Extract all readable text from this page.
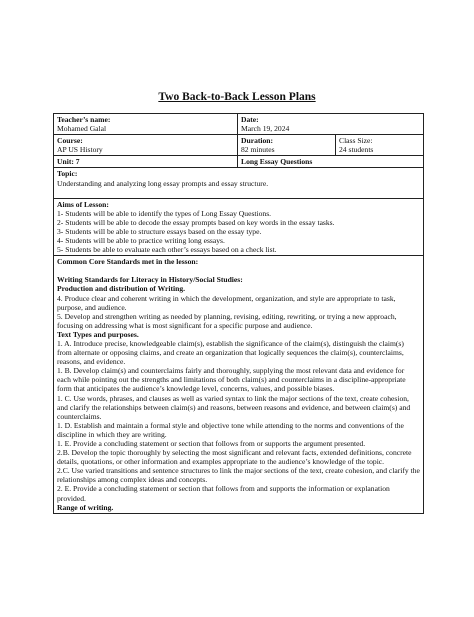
Two Back-to-Back Lesson Plans
Teacher’s name:
Mohamed Galal
Date:
March 19, 2024
Course:
AP US History
Duration:
82 minutes
Class Size:
24 students
Unit: 7	Long Essay Questions
Topic:
Understanding and analyzing long essay prompts and essay structure.
Aims of Lesson:
1- Students will be able to identify the types of Long Essay Questions.
2- Students will be able to decode the essay prompts based on key words in the essay tasks.
3- Students will be able to structure essays based on the essay type.
4- Students will be able to practice writing long essays.
5- Students be able to evaluate each other’s essays based on a check list.
Common Core Standards met in the lesson:
Writing Standards for Literacy in History/Social Studies:
Production and distribution of Writing.

4. Produce clear and coherent writing in which the development, organization, and style are appropriate to task, purpose, and audience.

5. Develop and strengthen writing as needed by planning, revising, editing, rewriting, or trying a new approach, focusing on addressing what is most significant for a specific purpose and audience.

Text Types and purposes.

1. A. Introduce precise, knowledgeable claim(s), establish the significance of the claim(s), distinguish the claim(s) from alternate or opposing claims, and create an organization that logically sequences the claim(s), counterclaims, reasons, and evidence.

1. B. Develop claim(s) and counterclaims fairly and thoroughly, supplying the most relevant data and evidence for each while pointing out the strengths and limitations of both claim(s) and counterclaims in a discipline-appropriate form that anticipates the audience’s knowledge level, concerns, values, and possible biases.

1. C. Use words, phrases, and clauses as well as varied syntax to link the major sections of the text, create cohesion, and clarify the relationships between claim(s) and reasons, between reasons and evidence, and between claim(s) and counterclaims.

1. D. Establish and maintain a formal style and objective tone while attending to the norms and conventions of the discipline in which they are writing.

1. E. Provide a concluding statement or section that follows from or supports the argument presented.

2.B. Develop the topic thoroughly by selecting the most significant and relevant facts, extended definitions, concrete details, quotations, or other information and examples appropriate to the audience’s knowledge of the topic.

2.C. Use varied transitions and sentence structures to link the major sections of the text, create cohesion, and clarify the relationships among complex ideas and concepts.

2. E. Provide a concluding statement or section that follows from and supports the information or explanation provided.

Range of writing.
